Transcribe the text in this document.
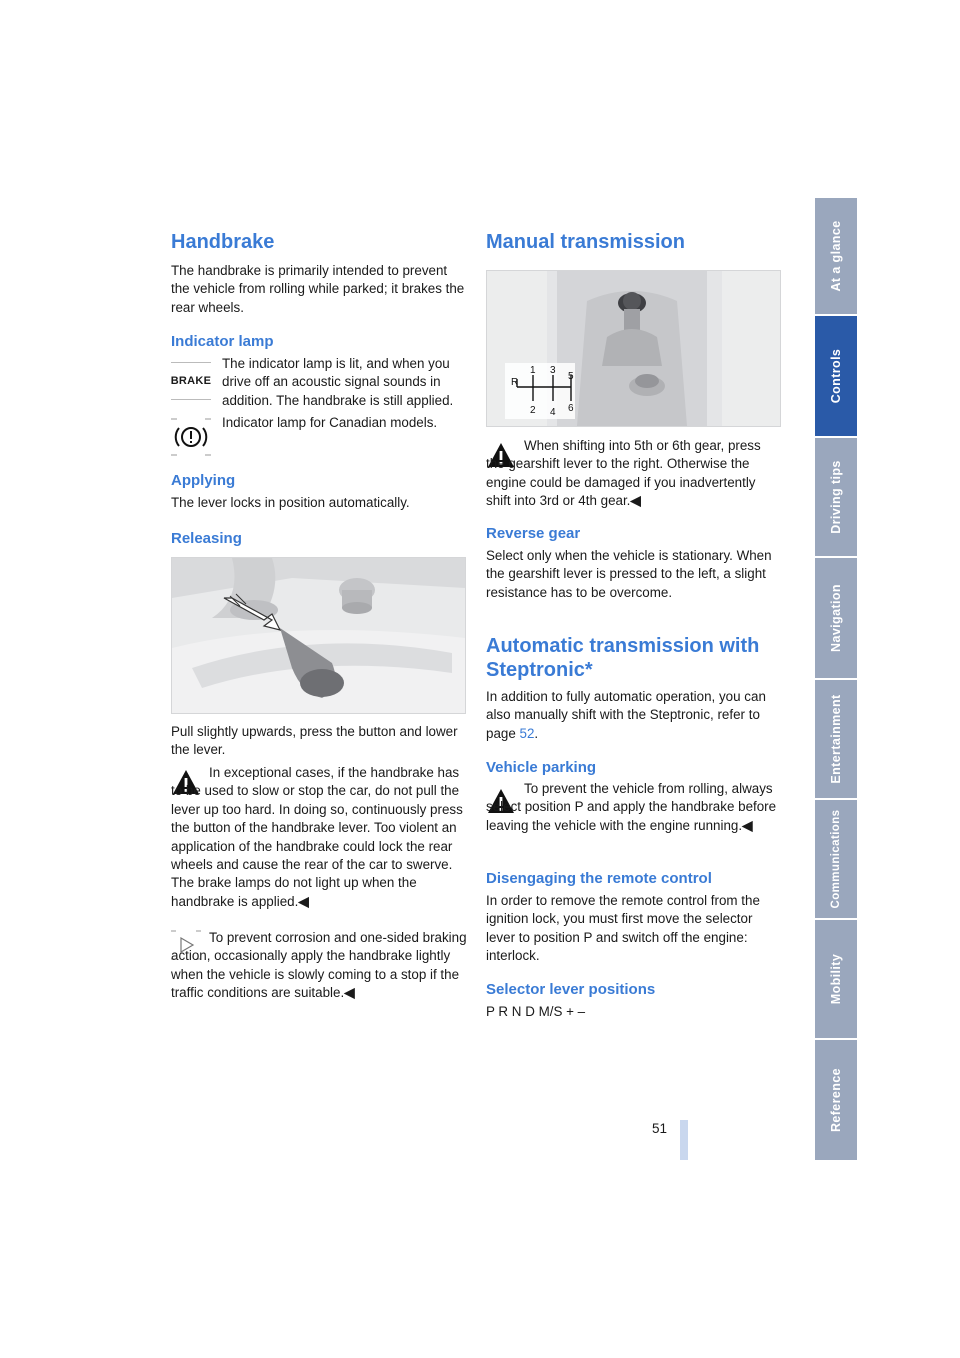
Handbrake

The handbrake is primarily intended to prevent the vehicle from rolling while parked; it brakes the rear wheels.

Indicator lamp
BRAKE

The indicator lamp is lit, and when you drive off an acoustic signal sounds in addition. The handbrake is still applied.

Indicator lamp for Canadian models.

Applying

The lever locks in position automatically.

Releasing

Pull slightly upwards, press the button and lower the lever.

In exceptional cases, if the handbrake has to be used to slow or stop the car, do not pull the lever up too hard. In doing so, continuously press the button of the handbrake lever. Too violent an application of the handbrake could lock the rear wheels and cause the rear of the car to swerve.
The brake lamps do not light up when the handbrake is applied.◀

To prevent corrosion and one-sided braking action, occasionally apply the handbrake lightly when the vehicle is slowly coming to a stop if the traffic conditions are suitable.◀

Manual transmission
1 3
5
R
2 4 6

When shifting into 5th or 6th gear, press the gearshift lever to the right. Otherwise the engine could be damaged if you inadvertently shift into 3rd or 4th gear.◀

Reverse gear

Select only when the vehicle is stationary. When the gearshift lever is pressed to the left, a slight resistance has to be overcome.

Automatic transmission with
Steptronic*

In addition to fully automatic operation, you can also manually shift with the Steptronic, refer to page 52.

Vehicle parking

To prevent the vehicle from rolling, always select position P and apply the handbrake before leaving the vehicle with the engine running.◀

Disengaging the remote control

In order to remove the remote control from the ignition lock, you must first move the selector lever to position P and switch off the engine: interlock.

Selector lever positions

P R N D M/S + –

At a glance
Controls
Driving tips
Navigation
Entertainment
Communications
Mobility
Reference
51
